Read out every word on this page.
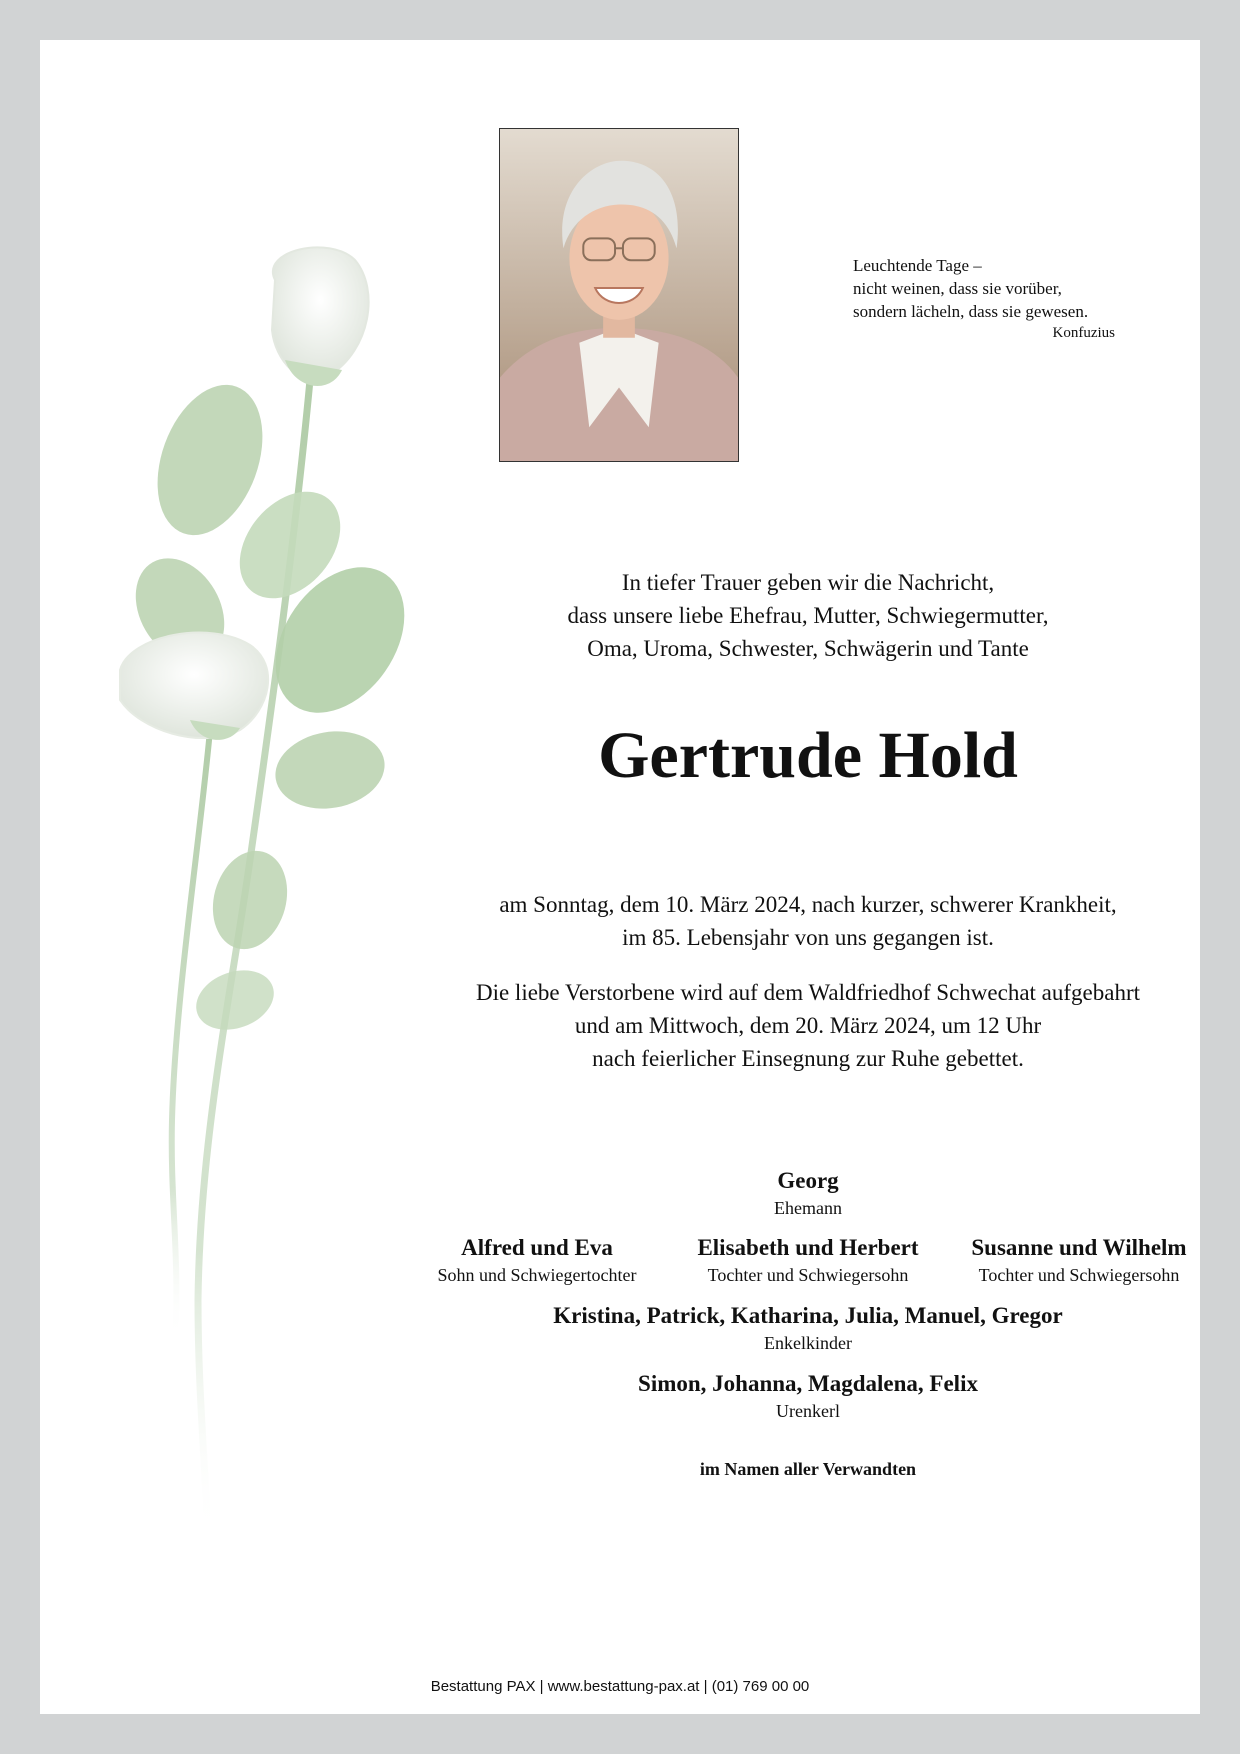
Leuchtende Tage –
nicht weinen, dass sie vorüber,
sondern lächeln, dass sie gewesen.
Konfuzius
In tiefer Trauer geben wir die Nachricht,
dass unsere liebe Ehefrau, Mutter, Schwiegermutter,
Oma, Uroma, Schwester, Schwägerin und Tante
Gertrude Hold
am Sonntag, dem 10. März 2024, nach kurzer, schwerer Krankheit,
im 85. Lebensjahr von uns gegangen ist.
Die liebe Verstorbene wird auf dem Waldfriedhof Schwechat aufgebahrt
und am Mittwoch, dem 20. März 2024, um 12 Uhr
nach feierlicher Einsegnung zur Ruhe gebettet.
Georg
Ehemann
Alfred und Eva
Sohn und Schwiegertochter
Elisabeth und Herbert
Tochter und Schwiegersohn
Susanne und Wilhelm
Tochter und Schwiegersohn
Kristina, Patrick, Katharina, Julia, Manuel, Gregor
Enkelkinder
Simon, Johanna, Magdalena, Felix
Urenkerl
im Namen aller Verwandten
Bestattung PAX | www.bestattung-pax.at | (01) 769 00 00
